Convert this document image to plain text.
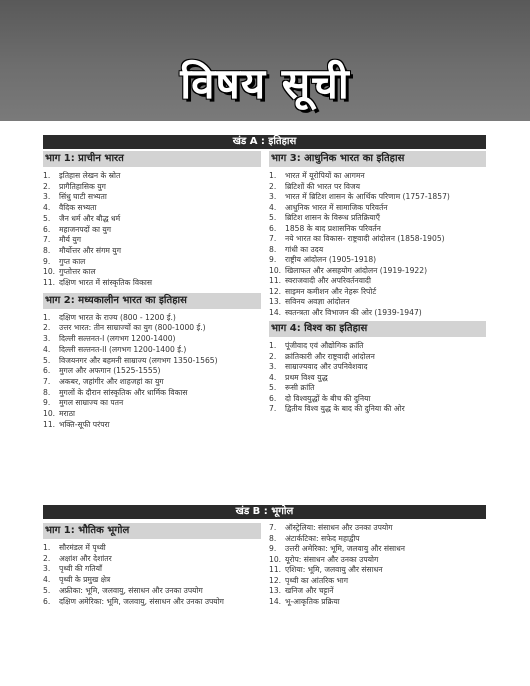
विषय सूची
खंड A : इतिहास
भाग 1: प्राचीन भारत
1.	इतिहास लेखन के स्रोत
2.	प्रागैतिहासिक युग
3.	सिंधु घाटी सभ्यता
4.	वैदिक सभ्यता
5.	जैन धर्म और बौद्ध धर्म
6.	महाजनपदों का युग
7.	मौर्य युग
8.	मौर्योत्तर और संगम युग
9.	गुप्त काल
10. गुप्तोत्तर काल
11. दक्षिण भारत में सांस्कृतिक विकास
भाग 2: मध्यकालीन भारत का इतिहास
1.	दक्षिण भारत के राज्य (800 - 1200 ई.)
2.	उत्तर भारत: तीन साम्राज्यों का युग (800-1000 ई.)
3.	दिल्ली सल्तनत-I (लगभग 1200-1400)
4.	दिल्ली सल्तनत-II (लगभग 1200-1400 ई.)
5.	विजयनगर और बहमनी साम्राज्य (लगभग 1350-1565)
6.	मुगल और अफगान (1525-1555)
7.	अकबर, जहांगीर और शाहजहां का युग
8.	मुगलों के दौरान सांस्कृतिक और धार्मिक विकास
9.	मुगल साम्राज्य का पतन
10. मराठा
11. भक्ति-सूफी परंपरा
भाग 3: आधुनिक भारत का इतिहास
1.	भारत में यूरोपियों का आगमन
2.	ब्रिटिशों की भारत पर विजय
3.	भारत में ब्रिटिश शासन के आर्थिक परिणाम (1757-1857)
4.	आधुनिक भारत में सामाजिक परिवर्तन
5.	ब्रिटिश शासन के विरूध प्रतिक्रियाएँ
6.	1858 के बाद प्रशासनिक परिवर्तन
7.	नये भारत का विकास- राष्ट्रवादी आंदोलन (1858-1905)
8.	गांधी का उदय
9.	राष्ट्रीय आंदोलन (1905-1918)
10. खिलाफत और असहयोग आंदोलन (1919-1922)
11. स्वराजवादी और अपरिवर्तनवादी
12. साइमन कमीशन और नेहरू रिपोर्ट
13. सविनय अवज्ञा आंदोलन
14. स्वतन्त्रता और विभाजन की ओर (1939-1947)
भाग 4: विश्व का इतिहास
1.	पूंजीवाद एवं औद्योगिक क्रांति
2.	क्रांतिकारी और राष्ट्रवादी आंदोलन
3.	साम्राज्यवाद और उपनिवेशवाद
4.	प्रथम विश्व युद्ध
5.	रूसी क्रांति
6.	दो विश्वयुद्धों के बीच की दुनिया
7.	द्वितीय विश्व युद्ध के बाद की दुनिया की ओर
खंड B : भूगोल
भाग 1: भौतिक भूगोल
1.	सौरमंडल में पृथ्वी
2.	अक्षांश और देशांतर
3.	पृथ्वी की गतियाँ
4.	पृथ्वी के प्रमुख क्षेत्र
5.	अफ्रीका: भूमि, जलवायु, संसाधन और उनका उपयोग
6.	दक्षिण अमेरिका: भूमि, जलवायु, संसाधन और उनका उपयोग
7.	ऑस्ट्रेलिया: संसाधन और उनका उपयोग
8.	अंटार्कटिका: सफेद महाद्वीप
9.	उत्तरी अमेरिका: भूमि, जलवायु और संसाधन
10. यूरोप: संसाधन और उनका उपयोग
11. एशिया: भूमि, जलवायु और संसाधन
12. पृथ्वी का आंतरिक भाग
13. खनिज और चट्टानें
14. भू-आकृतिक प्रक्रिया
